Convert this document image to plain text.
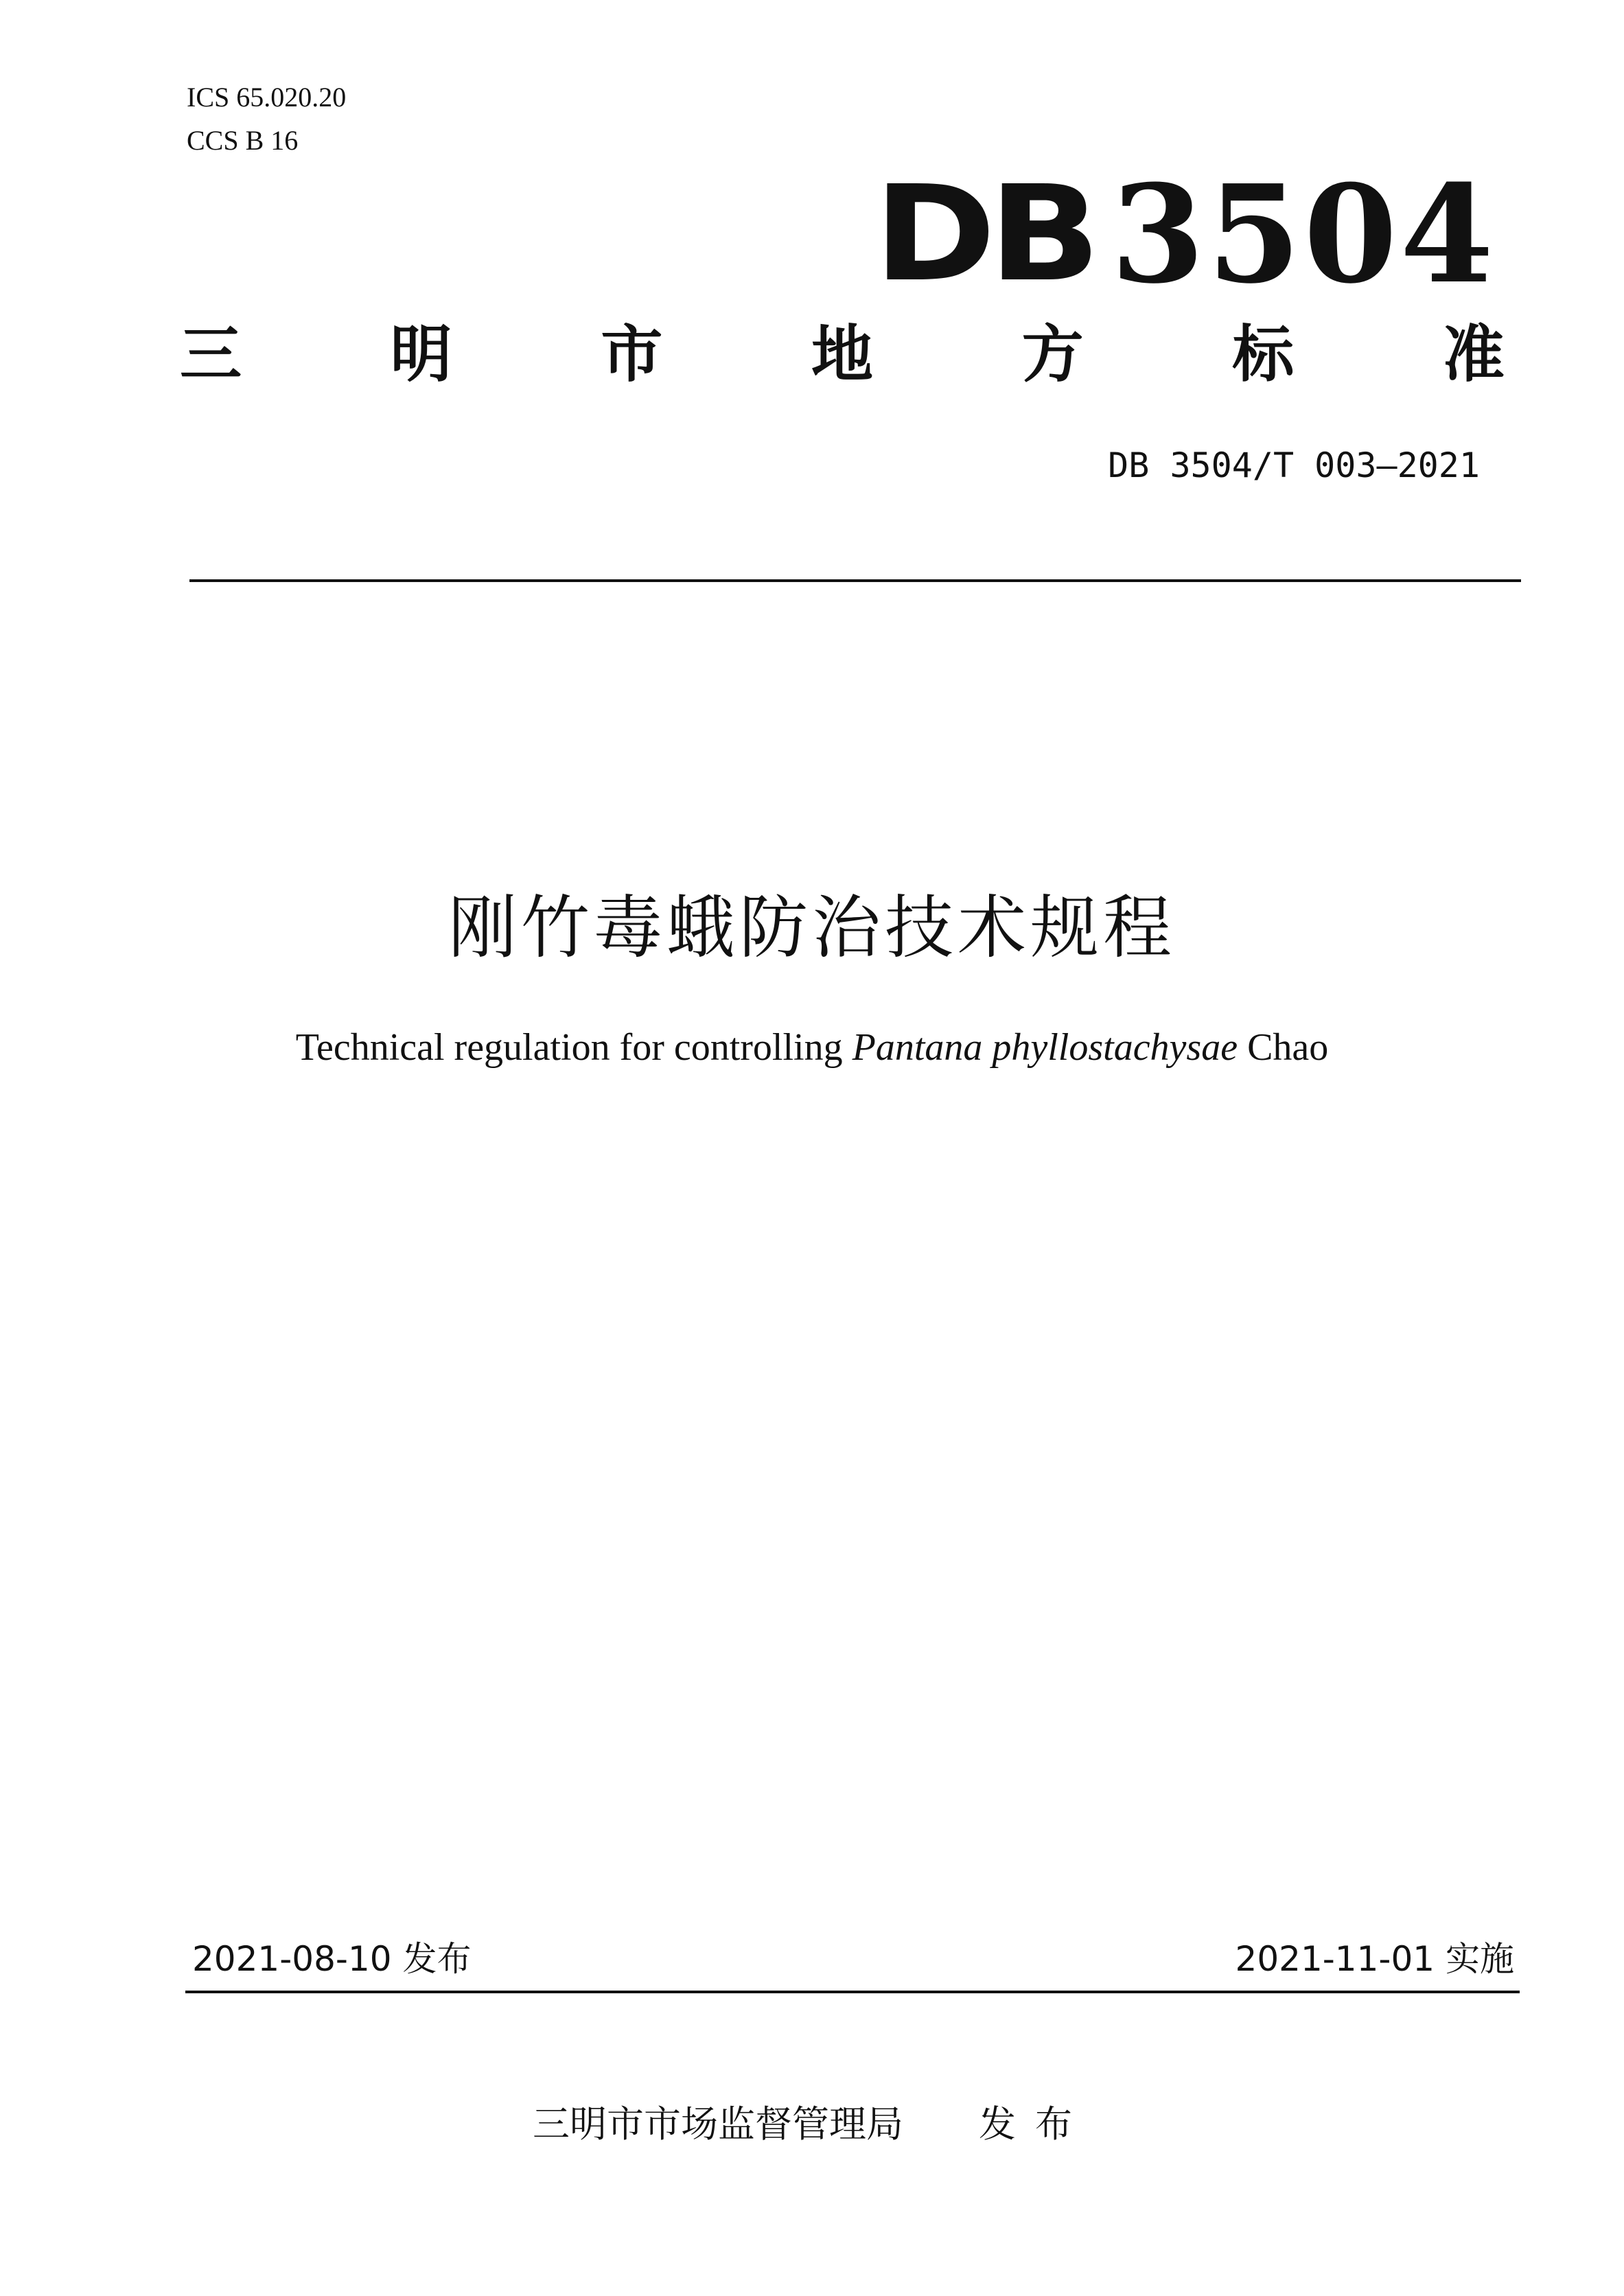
ICS 65.020.20
CCS B 16
DB 3504
三 明 市 地 方 标 准
DB 3504/T 003—2021
刚竹毒蛾防治技术规程
Technical regulation for controlling Pantana phyllostachysae Chao
2021-08-10 发布	2021-11-01 实施
三明市市场监督管理局 发布
